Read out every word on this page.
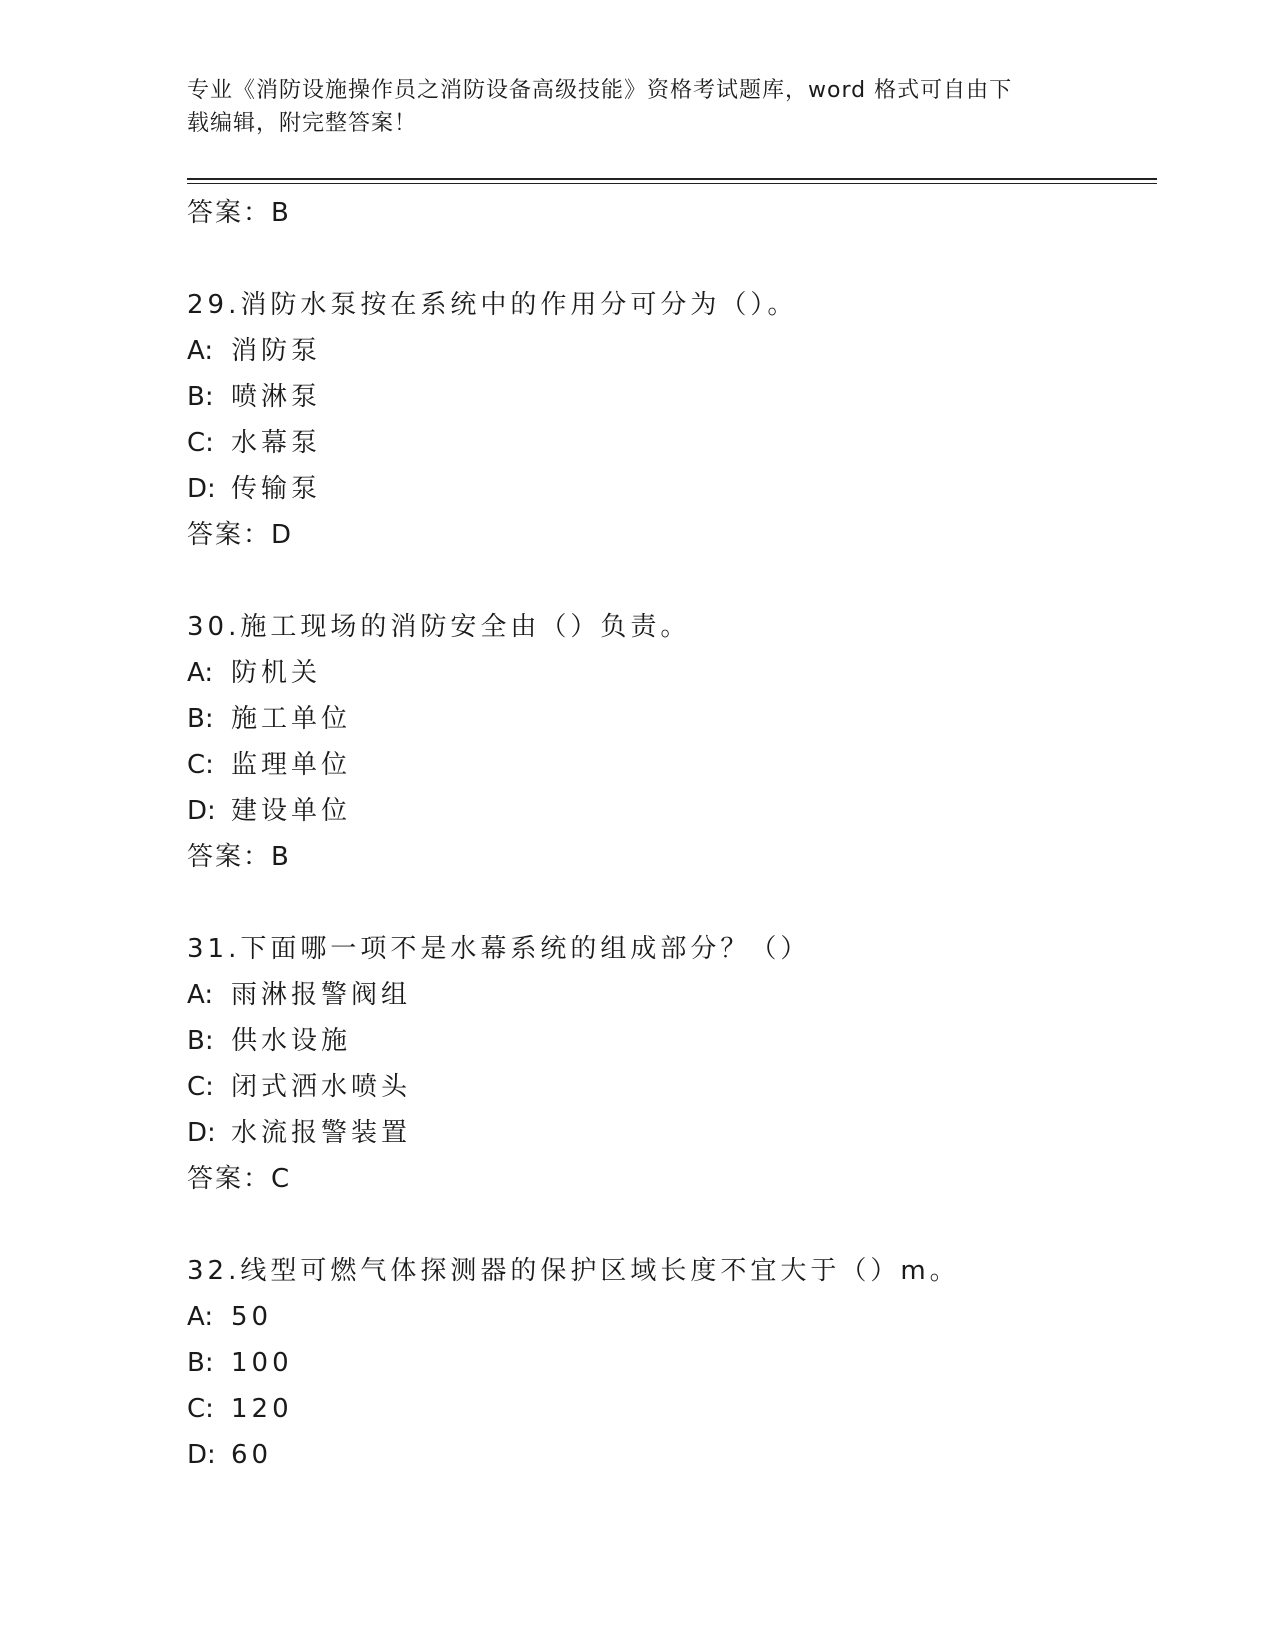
专业《消防设施操作员之消防设备高级技能》资格考试题库，word 格式可自由下
载编辑，附完整答案！
答案：B
29.消防水泵按在系统中的作用分可分为（）。
A: 消防泵
B: 喷淋泵
C: 水幕泵
D: 传输泵
答案：D
30.施工现场的消防安全由（）负责。
A: 防机关
B: 施工单位
C: 监理单位
D: 建设单位
答案：B
31.下面哪一项不是水幕系统的组成部分？（）
A: 雨淋报警阀组
B: 供水设施
C: 闭式洒水喷头
D: 水流报警装置
答案：C
32.线型可燃气体探测器的保护区域长度不宜大于（）m。
A: 50
B: 100
C: 120
D: 60
